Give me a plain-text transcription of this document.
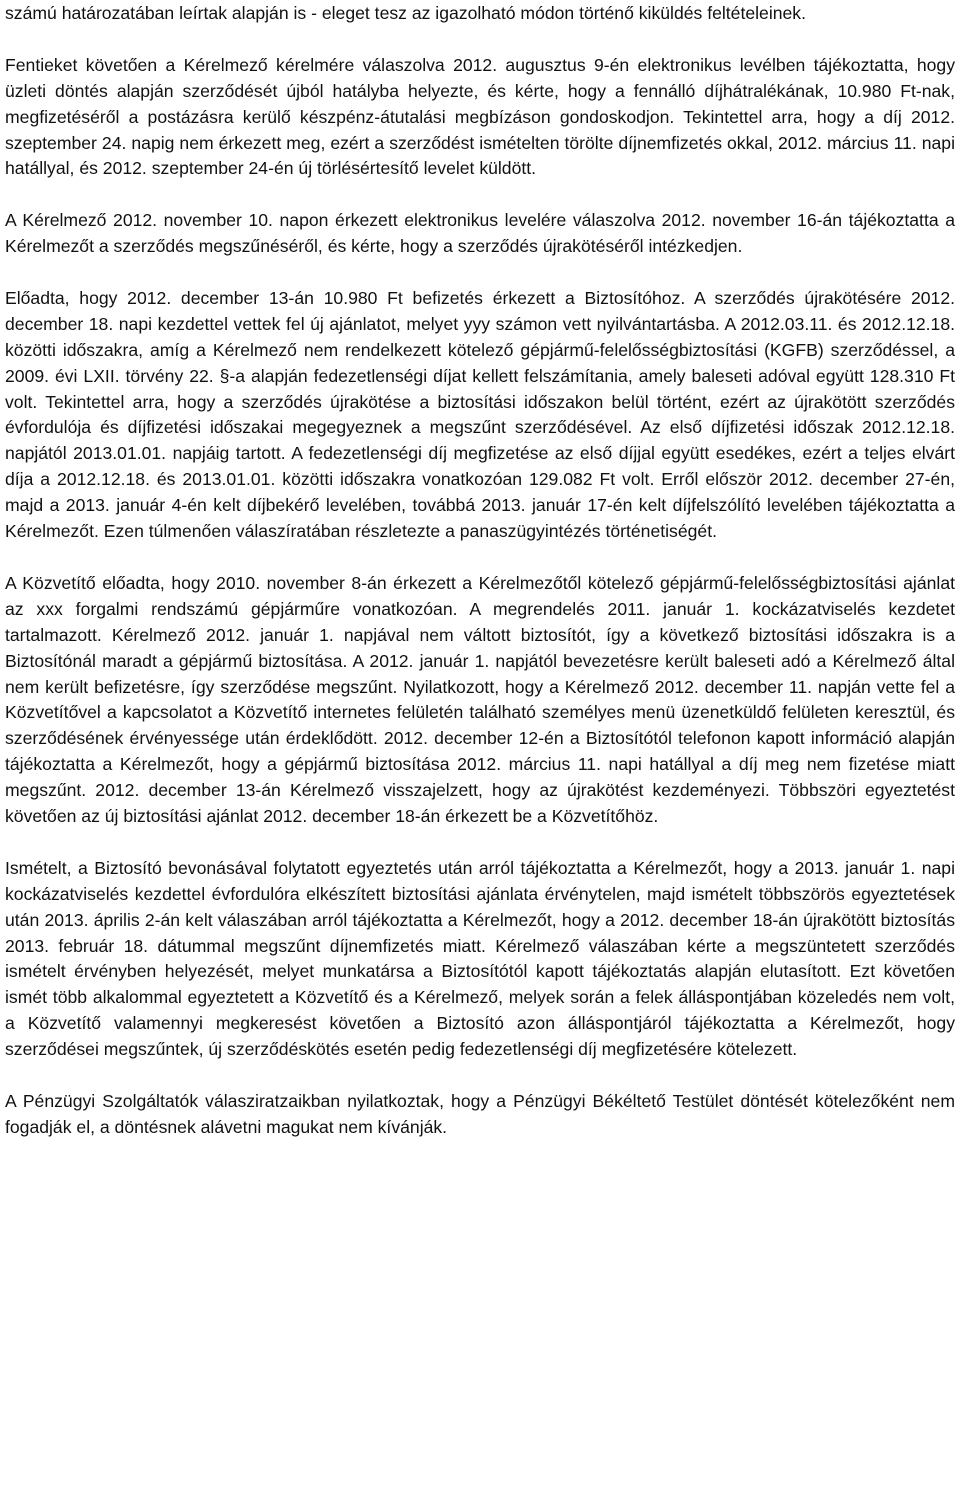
számú határozatában leírtak alapján is - eleget tesz az igazolható módon történő kiküldés feltételeinek.

Fentieket követően a Kérelmező kérelmére válaszolva 2012. augusztus 9-én elektronikus levélben tájékoztatta, hogy üzleti döntés alapján szerződését újból hatályba helyezte, és kérte, hogy a fennálló díjhátralékának, 10.980 Ft-nak, megfizetéséről a postázásra kerülő készpénz-átutalási megbízáson gondoskodjon. Tekintettel arra, hogy a díj 2012. szeptember 24. napig nem érkezett meg, ezért a szerződést ismételten törölte díjnemfizetés okkal, 2012. március 11. napi hatállyal, és 2012. szeptember 24-én új törlésértesítő levelet küldött.

A Kérelmező 2012. november 10. napon érkezett elektronikus levelére válaszolva 2012. november 16-án tájékoztatta a Kérelmezőt a szerződés megszűnéséről, és kérte, hogy a szerződés újrakötéséről intézkedjen.

Előadta, hogy 2012. december 13-án 10.980 Ft befizetés érkezett a Biztosítóhoz. A szerződés újrakötésére 2012. december 18. napi kezdettel vettek fel új ajánlatot, melyet yyy számon vett nyilvántartásba. A 2012.03.11. és 2012.12.18. közötti időszakra, amíg a Kérelmező nem rendelkezett kötelező gépjármű-felelősségbiztosítási (KGFB) szerződéssel, a 2009. évi LXII. törvény 22. §-a alapján fedezetlenségi díjat kellett felszámítania, amely baleseti adóval együtt 128.310 Ft volt. Tekintettel arra, hogy a szerződés újrakötése a biztosítási időszakon belül történt, ezért az újrakötött szerződés évfordulója és díjfizetési időszakai megegyeznek a megszűnt szerződésével. Az első díjfizetési időszak 2012.12.18. napjától 2013.01.01. napjáig tartott. A fedezetlenségi díj megfizetése az első díjjal együtt esedékes, ezért a teljes elvárt díja a 2012.12.18. és 2013.01.01. közötti időszakra vonatkozóan 129.082 Ft volt. Erről először 2012. december 27-én, majd a 2013. január 4-én kelt díjbekérő levelében, továbbá 2013. január 17-én kelt díjfelszólító levelében tájékoztatta a Kérelmezőt. Ezen túlmenően válaszíratában részletezte a panaszügyintézés történetiségét.

A Közvetítő előadta, hogy 2010. november 8-án érkezett a Kérelmezőtől kötelező gépjármű-felelősségbiztosítási ajánlat az xxx forgalmi rendszámú gépjárműre vonatkozóan. A megrendelés 2011. január 1. kockázatviselés kezdetet tartalmazott. Kérelmező 2012. január 1. napjával nem váltott biztosítót, így a következő biztosítási időszakra is a Biztosítónál maradt a gépjármű biztosítása. A 2012. január 1. napjától bevezetésre került baleseti adó a Kérelmező által nem került befizetésre, így szerződése megszűnt. Nyilatkozott, hogy a Kérelmező 2012. december 11. napján vette fel a Közvetítővel a kapcsolatot a Közvetítő internetes felületén található személyes menü üzenetküldő felületen keresztül, és szerződésének érvényessége után érdeklődött. 2012. december 12-én a Biztosítótól telefonon kapott információ alapján tájékoztatta a Kérelmezőt, hogy a gépjármű biztosítása 2012. március 11. napi hatállyal a díj meg nem fizetése miatt megszűnt. 2012. december 13-án Kérelmező visszajelzett, hogy az újrakötést kezdeményezi. Többszöri egyeztetést követően az új biztosítási ajánlat 2012. december 18-án érkezett be a Közvetítőhöz.

Ismételt, a Biztosító bevonásával folytatott egyeztetés után arról tájékoztatta a Kérelmezőt, hogy a 2013. január 1. napi kockázatviselés kezdettel évfordulóra elkészített biztosítási ajánlata érvénytelen, majd ismételt többszörös egyeztetések után 2013. április 2-án kelt válaszában arról tájékoztatta a Kérelmezőt, hogy a 2012. december 18-án újrakötött biztosítás 2013. február 18. dátummal megszűnt díjnemfizetés miatt. Kérelmező válaszában kérte a megszüntetett szerződés ismételt érvényben helyezését, melyet munkatársa a Biztosítótól kapott tájékoztatás alapján elutasított. Ezt követően ismét több alkalommal egyeztetett a Közvetítő és a Kérelmező, melyek során a felek álláspontjában közeledés nem volt, a Közvetítő valamennyi megkeresést követően a Biztosító azon álláspontjáról tájékoztatta a Kérelmezőt, hogy szerződései megszűntek, új szerződéskötés esetén pedig fedezetlenségi díj megfizetésére kötelezett.

A Pénzügyi Szolgáltatók válasziratzaikban nyilatkoztak, hogy a Pénzügyi Békéltető Testület döntését kötelezőként nem fogadják el, a döntésnek alávetni magukat nem kívánják.
